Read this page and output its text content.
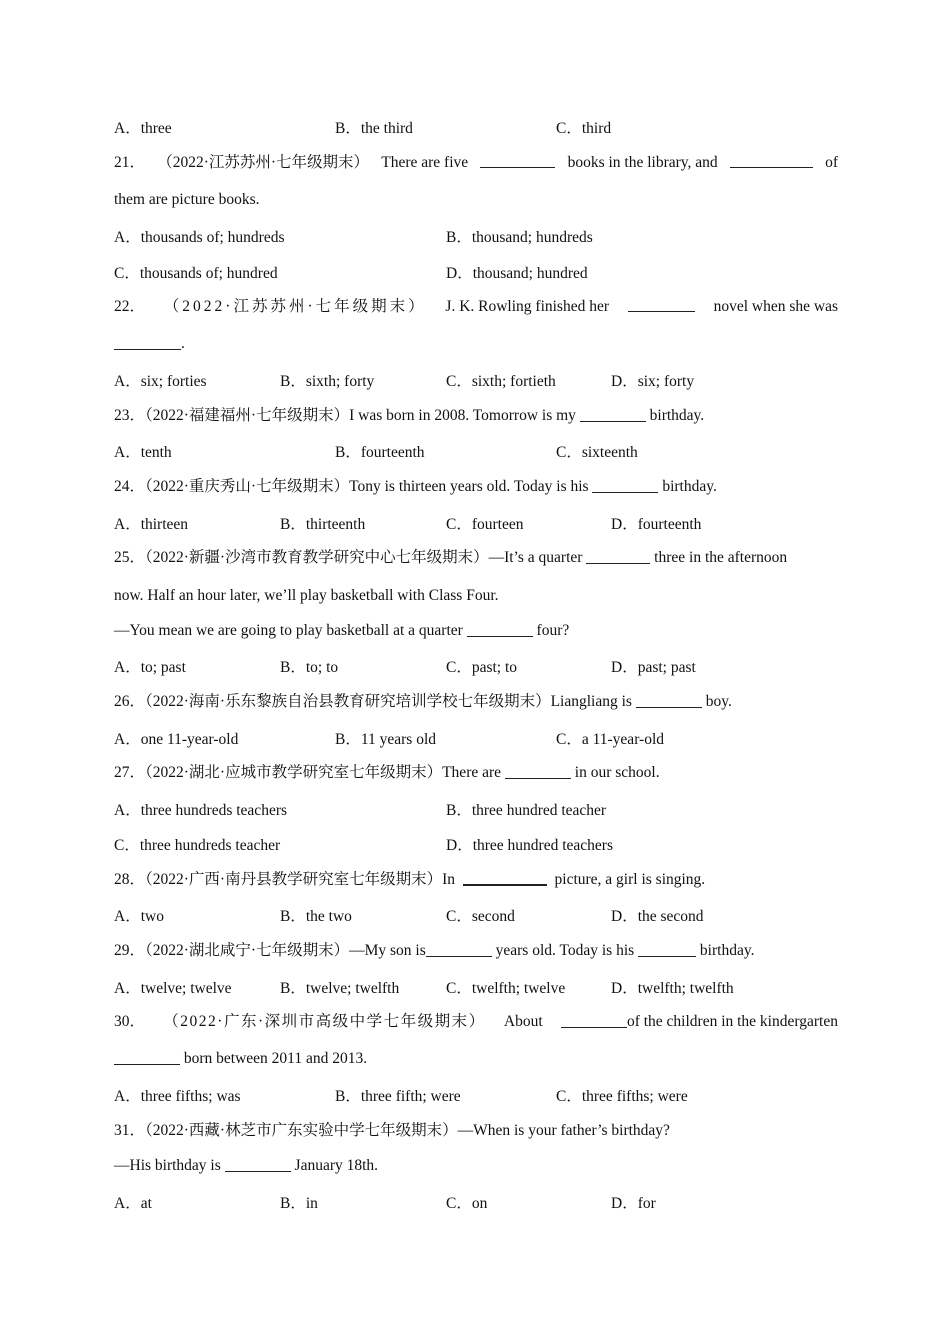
A．three	B．the third	C．third
21． （2022·江苏苏州·七年级期末） There are five	books in the library, and	of
them are picture books.
A．thousands of; hundreds	B．thousand; hundreds
C．thousands of; hundred	D．thousand; hundred
22． （2022·江苏苏州·七年级期末） J. K. Rowling finished her	novel when she was
.
A．six; forties	B．sixth; forty	C．sixth; fortieth	D．six; forty
23．（2022·福建福州·七年级期末）I was born in 2008. Tomorrow is my	birthday.
A．tenth	B．fourteenth	C．sixteenth
24．（2022·重庆秀山·七年级期末）Tony is thirteen years old. Today is his	birthday.
A．thirteen	B．thirteenth	C．fourteen	D．fourteenth
25．（2022·新疆·沙湾市教育教学研究中心七年级期末）—It’s a quarter	three in the afternoon
now. Half an hour later, we’ll play basketball with Class Four.
—You mean we are going to play basketball at a quarter	four?
A．to; past	B．to; to	C．past; to	D．past; past
26．（2022·海南·乐东黎族自治县教育研究培训学校七年级期末）Liangliang is	boy.
A．one 11-year-old	B．11 years old	C．a 11-year-old
27．（2022·湖北·应城市教学研究室七年级期末）There are	in our school.
A．three hundreds teachers	B．three hundred teacher
C．three hundreds teacher	D．three hundred teachers
28．（2022·广西·南丹县教学研究室七年级期末）In	picture, a girl is singing.
A．two	B．the two	C．second	D．the second
29．（2022·湖北咸宁·七年级期末）—My son is	years old. Today is his	birthday.
A．twelve; twelve	B．twelve; twelfth	C．twelfth; twelve	D．twelfth; twelfth
30． （2022·广东·深圳市高级中学七年级期末） About	of the children in the kindergarten
born between 2011 and 2013.
A．three fifths; was	B．three fifth; were	C．three fifths; were
31．（2022·西藏·林芝市广东实验中学七年级期末）—When is your father’s birthday?
—His birthday is	January 18th.
A．at	B．in	C．on	D．for
